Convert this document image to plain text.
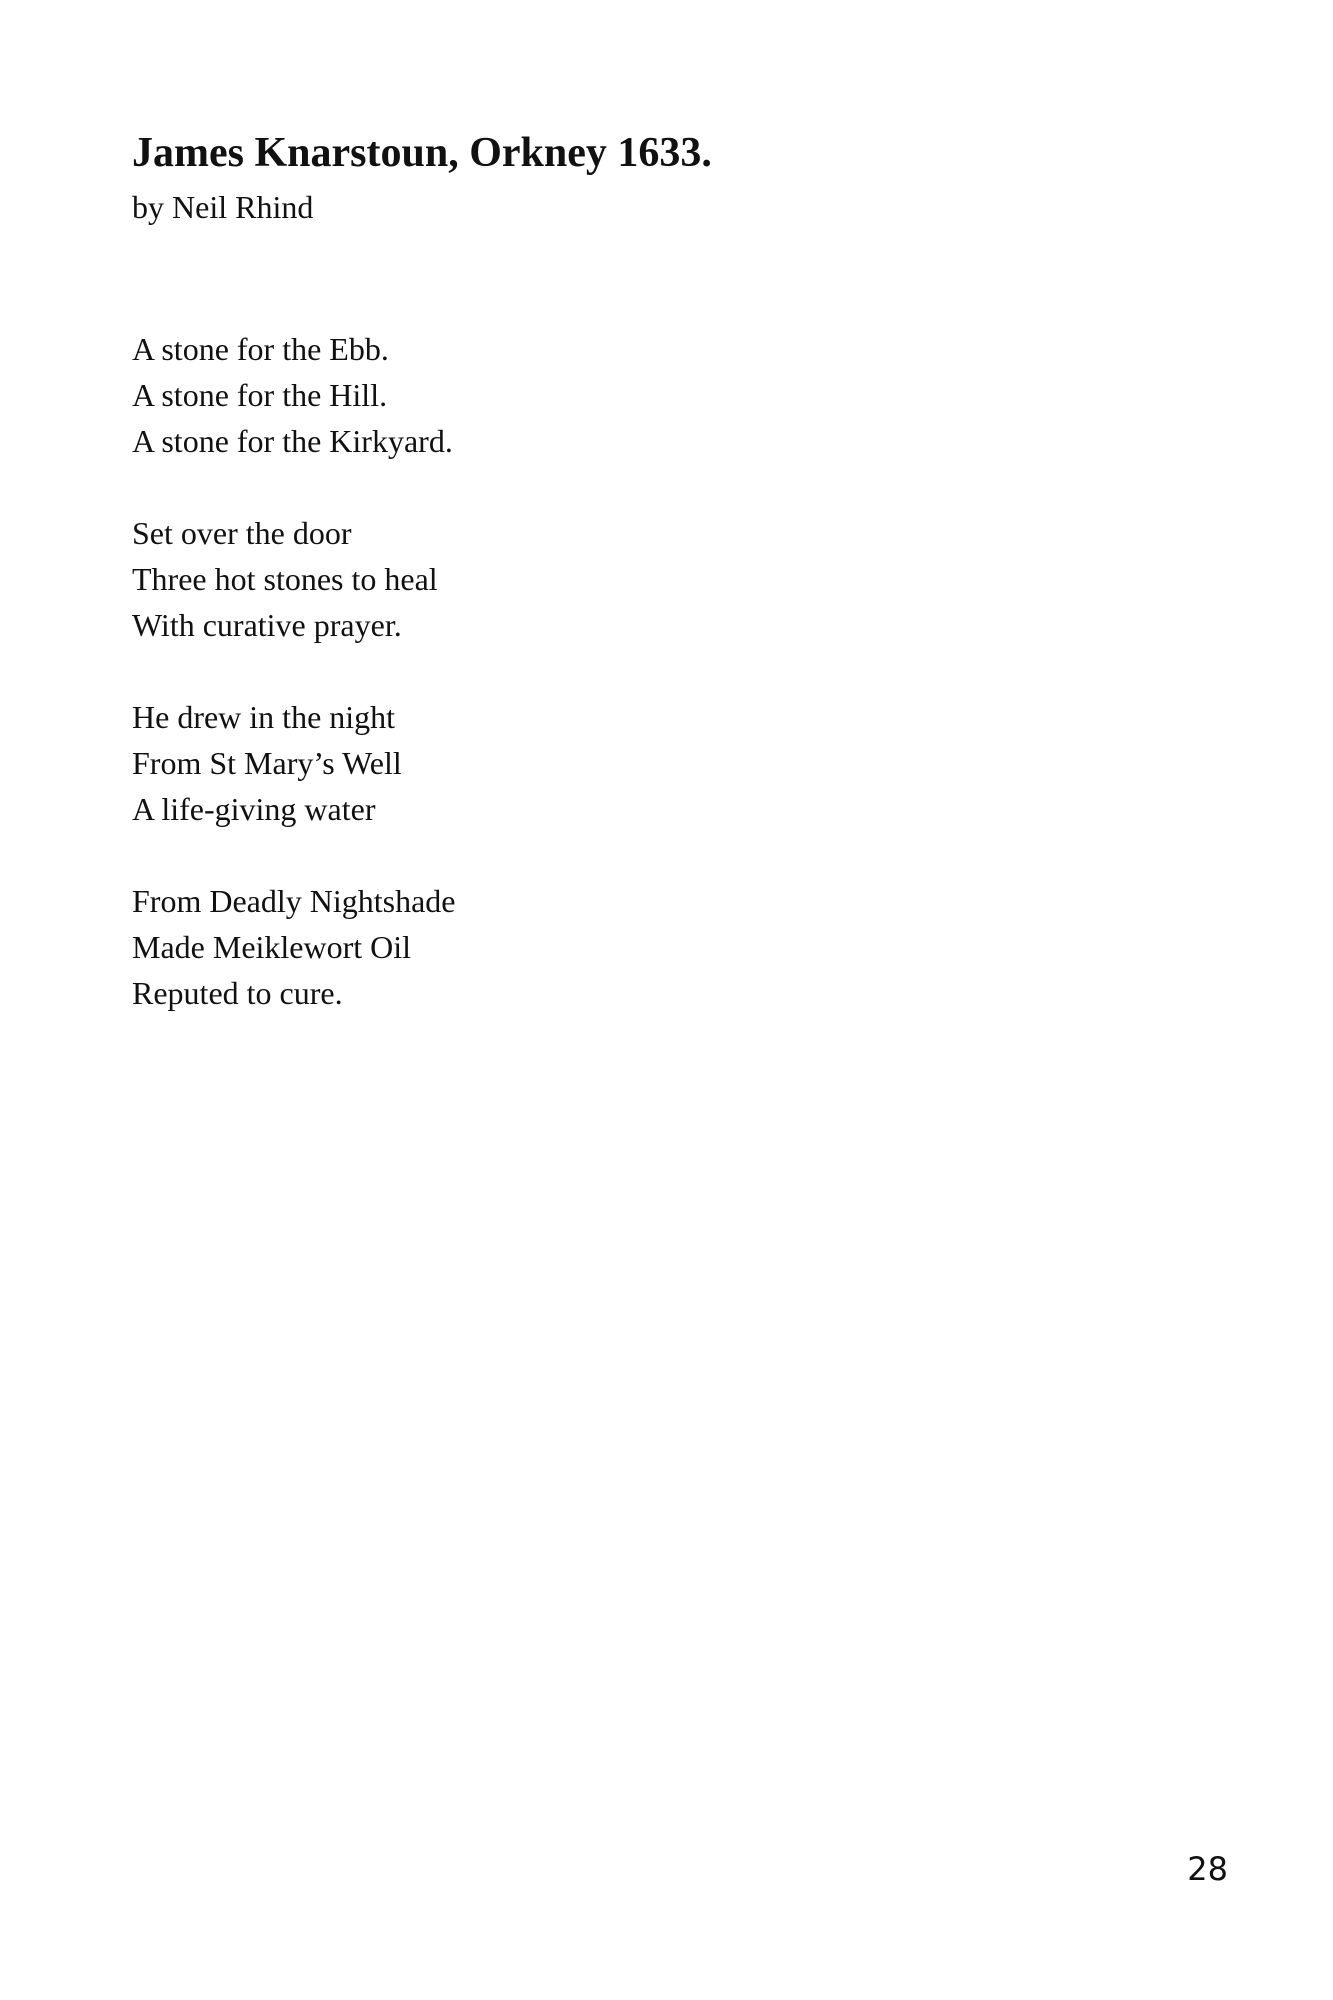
James Knarstoun, Orkney 1633.

by Neil Rhind

A stone for the Ebb.
A stone for the Hill.
A stone for the Kirkyard.
Set over the door
Three hot stones to heal
With curative prayer.
He drew in the night
From St Mary’s Well
A life-giving water
From Deadly Nightshade
Made Meiklewort Oil
Reputed to cure.
28
